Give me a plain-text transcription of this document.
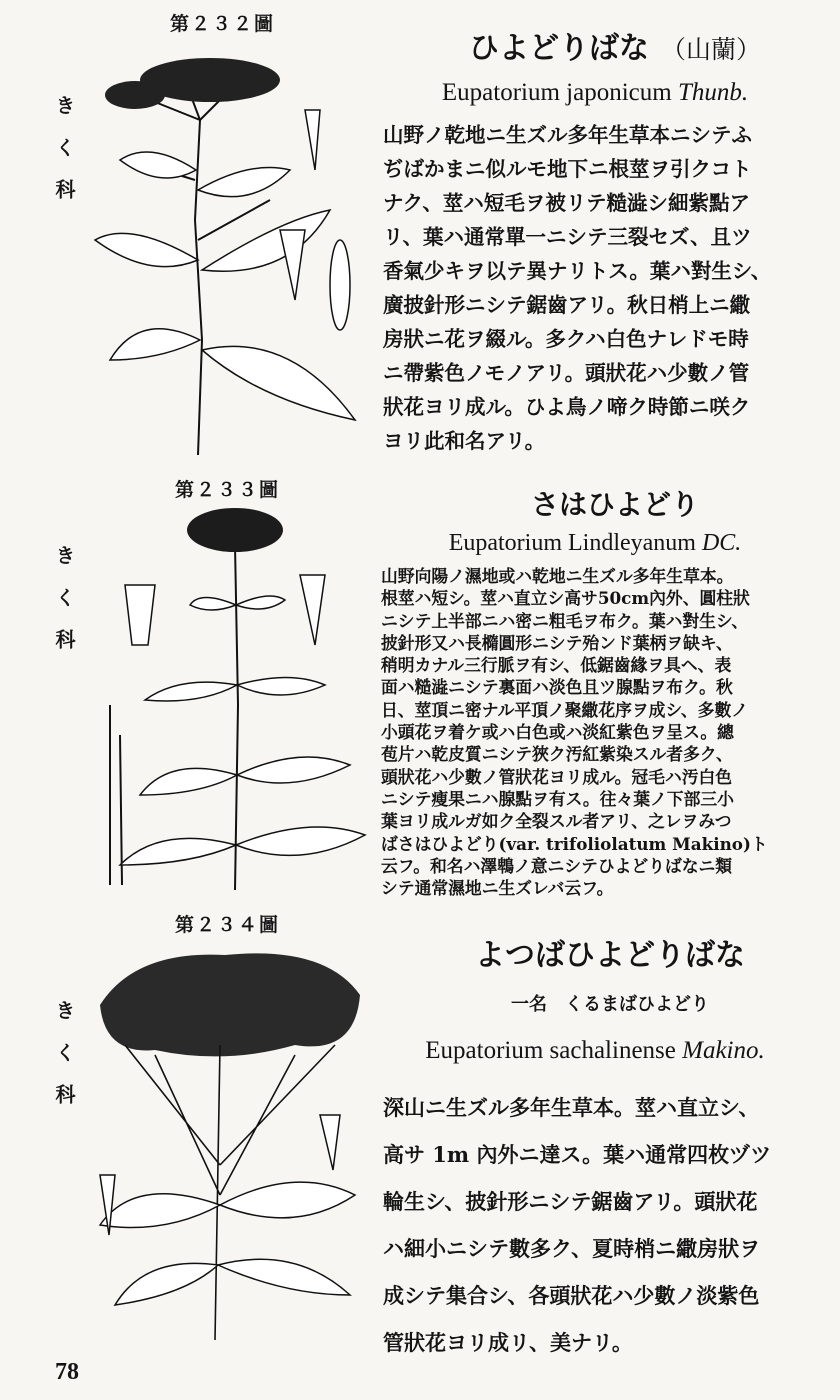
第２３２圖
きく科
ひよどりばな （山蘭）
Eupatorium japonicum Thunb.
山野ノ乾地ニ生ズル多年生草本ニシテふ
ぢばかまニ似ルモ地下ニ根莖ヲ引クコト
ナク、莖ハ短毛ヲ被リテ糙澁シ細紫點ア
リ、葉ハ通常單一ニシテ三裂セズ、且ツ
香氣少キヲ以テ異ナリトス。葉ハ對生シ、
廣披針形ニシテ鋸齒アリ。秋日梢上ニ繖
房狀ニ花ヲ綴ル。多クハ白色ナレドモ時
ニ帶紫色ノモノアリ。頭狀花ハ少數ノ管
狀花ヨリ成ル。ひよ鳥ノ啼ク時節ニ咲ク
ヨリ此和名アリ。
第２３３圖
きく科
さはひよどり
Eupatorium Lindleyanum DC.
山野向陽ノ濕地或ハ乾地ニ生ズル多年生草本。
根莖ハ短シ。莖ハ直立シ高サ50cm內外、圓柱狀
ニシテ上半部ニハ密ニ粗毛ヲ布ク。葉ハ對生シ、
披針形又ハ長橢圓形ニシテ殆ンド葉柄ヲ缺キ、
稍明カナル三行脈ヲ有シ、低鋸齒緣ヲ具ヘ、表
面ハ糙澁ニシテ裏面ハ淡色且ツ腺點ヲ布ク。秋
日、莖頂ニ密ナル平頂ノ聚繖花序ヲ成シ、多數ノ
小頭花ヲ着ケ或ハ白色或ハ淡紅紫色ヲ呈ス。總
苞片ハ乾皮質ニシテ狹ク汚紅紫染スル者多ク、
頭狀花ハ少數ノ管狀花ヨリ成ル。冠毛ハ汚白色
ニシテ瘦果ニハ腺點ヲ有ス。往々葉ノ下部三小
葉ヨリ成ルガ如ク全裂スル者アリ、之レヲみつ
ばさはひよどり(var. trifoliolatum Makino)ト
云フ。和名ハ澤鵯ノ意ニシテひよどりばなニ類
シテ通常濕地ニ生ズレバ云フ。
第２３４圖
きく科
よつばひよどりばな
一名　くるまばひよどり
Eupatorium sachalinense Makino.
深山ニ生ズル多年生草本。莖ハ直立シ、
高サ 1m 內外ニ達ス。葉ハ通常四枚ヅツ
輪生シ、披針形ニシテ鋸齒アリ。頭狀花
ハ細小ニシテ數多ク、夏時梢ニ繖房狀ヲ
成シテ集合シ、各頭狀花ハ少數ノ淡紫色
管狀花ヨリ成リ、美ナリ。
78
